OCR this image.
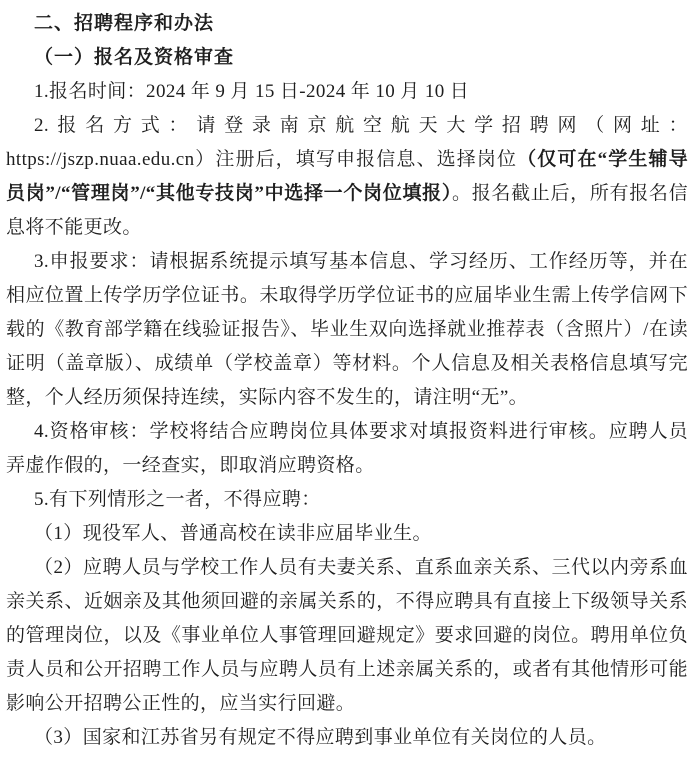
二、招聘程序和办法
（一）报名及资格审查

1.报名时间：2024 年 9 月 15 日-2024 年 10 月 10 日

2.报名方式：请登录南京航空航天大学招聘网（网址：https://jszp.nuaa.edu.cn）注册后，填写申报信息、选择岗位（仅可在“学生辅导员岗”/“管理岗”/“其他专技岗”中选择一个岗位填报）。报名截止后，所有报名信息将不能更改。

3.申报要求：请根据系统提示填写基本信息、学习经历、工作经历等，并在相应位置上传学历学位证书。未取得学历学位证书的应届毕业生需上传学信网下载的《教育部学籍在线验证报告》、毕业生双向选择就业推荐表（含照片）/在读证明（盖章版）、成绩单（学校盖章）等材料。个人信息及相关表格信息填写完整，个人经历须保持连续，实际内容不发生的，请注明“无”。

4.资格审核：学校将结合应聘岗位具体要求对填报资料进行审核。应聘人员弄虚作假的，一经查实，即取消应聘资格。

5.有下列情形之一者，不得应聘：

（1）现役军人、普通高校在读非应届毕业生。

（2）应聘人员与学校工作人员有夫妻关系、直系血亲关系、三代以内旁系血亲关系、近姻亲及其他须回避的亲属关系的，不得应聘具有直接上下级领导关系的管理岗位，以及《事业单位人事管理回避规定》要求回避的岗位。聘用单位负责人员和公开招聘工作人员与应聘人员有上述亲属关系的，或者有其他情形可能影响公开招聘公正性的，应当实行回避。

（3）国家和江苏省另有规定不得应聘到事业单位有关岗位的人员。
